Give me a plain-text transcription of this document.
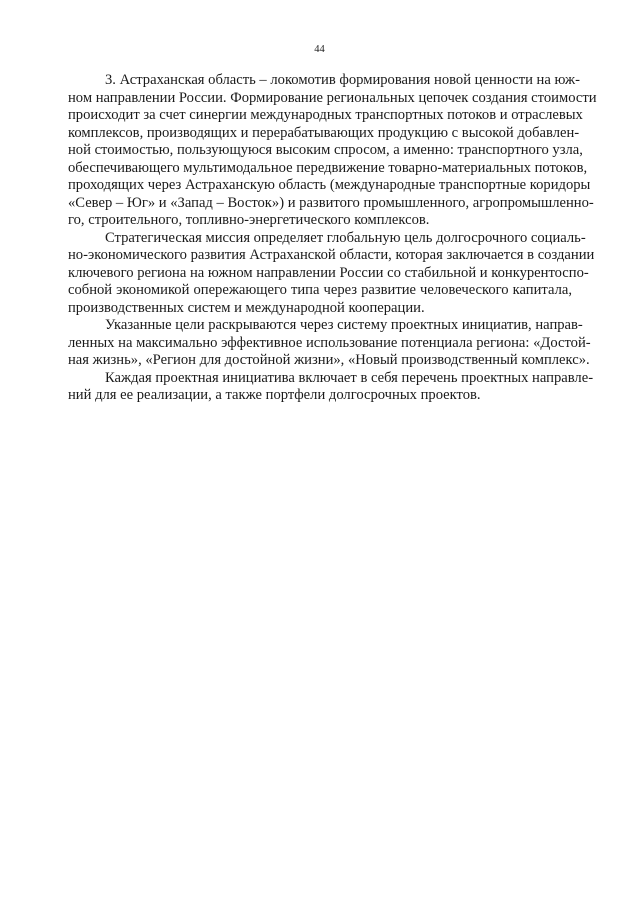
44
3. Астраханская область – локомотив формирования новой ценности на юж-
ном направлении России. Формирование региональных цепочек создания стоимости
происходит за счет синергии международных транспортных потоков и отраслевых
комплексов, производящих и перерабатывающих продукцию с высокой добавлен-
ной стоимостью, пользующуюся высоким спросом, а именно: транспортного узла,
обеспечивающего мультимодальное передвижение товарно-материальных потоков,
проходящих через Астраханскую область (международные транспортные коридоры
«Север – Юг» и «Запад – Восток») и развитого промышленного, агропромышленно-
го, строительного, топливно-энергетического комплексов.
Стратегическая миссия определяет глобальную цель долгосрочного социаль-
но-экономического развития Астраханской области, которая заключается в создании
ключевого региона на южном направлении России со стабильной и конкурентоспо-
собной экономикой опережающего типа через развитие человеческого капитала,
производственных систем и международной кооперации.
Указанные цели раскрываются через систему проектных инициатив, направ-
ленных на максимально эффективное использование потенциала региона: «Достой-
ная жизнь», «Регион для достойной жизни», «Новый производственный комплекс».
Каждая проектная инициатива включает в себя перечень проектных направле-
ний для ее реализации, а также портфели долгосрочных проектов.
